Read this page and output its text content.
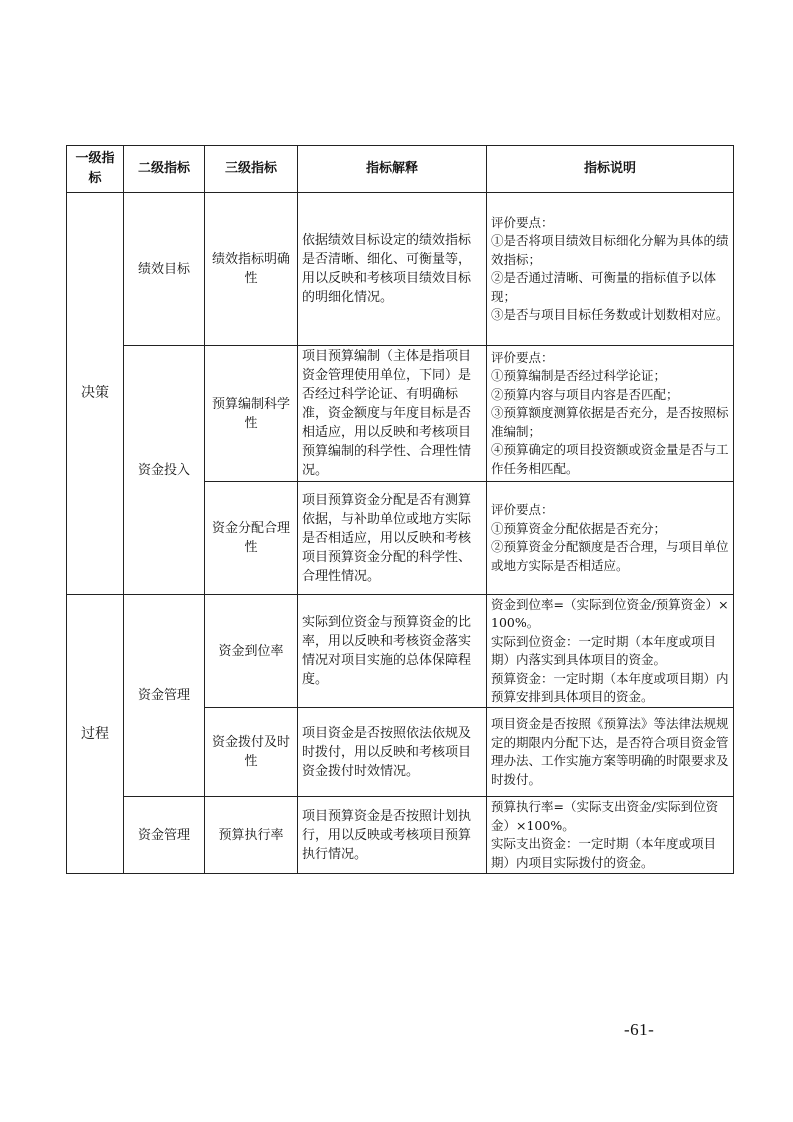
一级指标	二级指标	三级指标	指标解释	指标说明
决策	绩效目标	绩效指标明确性	依据绩效目标设定的绩效指标是否清晰、细化、可衡量等，用以反映和考核项目绩效目标的明细化情况。	评价要点：
①是否将项目绩效目标细化分解为具体的绩效指标；
②是否通过清晰、可衡量的指标值予以体现；
③是否与项目目标任务数或计划数相对应。

	资金投入	预算编制科学性	项目预算编制（主体是指项目资金管理使用单位，下同）是否经过科学论证、有明确标准，资金额度与年度目标是否相适应，用以反映和考核项目预算编制的科学性、合理性情况。	评价要点：
①预算编制是否经过科学论证；
②预算内容与项目内容是否匹配；
③预算额度测算依据是否充分，是否按照标准编制；
④预算确定的项目投资额或资金量是否与工作任务相匹配。

		资金分配合理性	项目预算资金分配是否有测算依据，与补助单位或地方实际是否相适应，用以反映和考核项目预算资金分配的科学性、合理性情况。	评价要点：
①预算资金分配依据是否充分；
②预算资金分配额度是否合理，与项目单位或地方实际是否相适应。

过程	资金管理	资金到位率	实际到位资金与预算资金的比率，用以反映和考核资金落实情况对项目实施的总体保障程度。	资金到位率=（实际到位资金/预算资金）×100%。
实际到位资金：一定时期（本年度或项目期）内落实到具体项目的资金。
预算资金：一定时期（本年度或项目期）内预算安排到具体项目的资金。

		资金拨付及时性	项目资金是否按照依法依规及时拨付，用以反映和考核项目资金拨付时效情况。	项目资金是否按照《预算法》等法律法规规定的期限内分配下达，是否符合项目资金管理办法、工作实施方案等明确的时限要求及时拨付。

	资金管理	预算执行率	项目预算资金是否按照计划执行，用以反映或考核项目预算执行情况。	预算执行率=（实际支出资金/实际到位资金）×100%。
实际支出资金：一定时期（本年度或项目期）内项目实际拨付的资金。
-61-
